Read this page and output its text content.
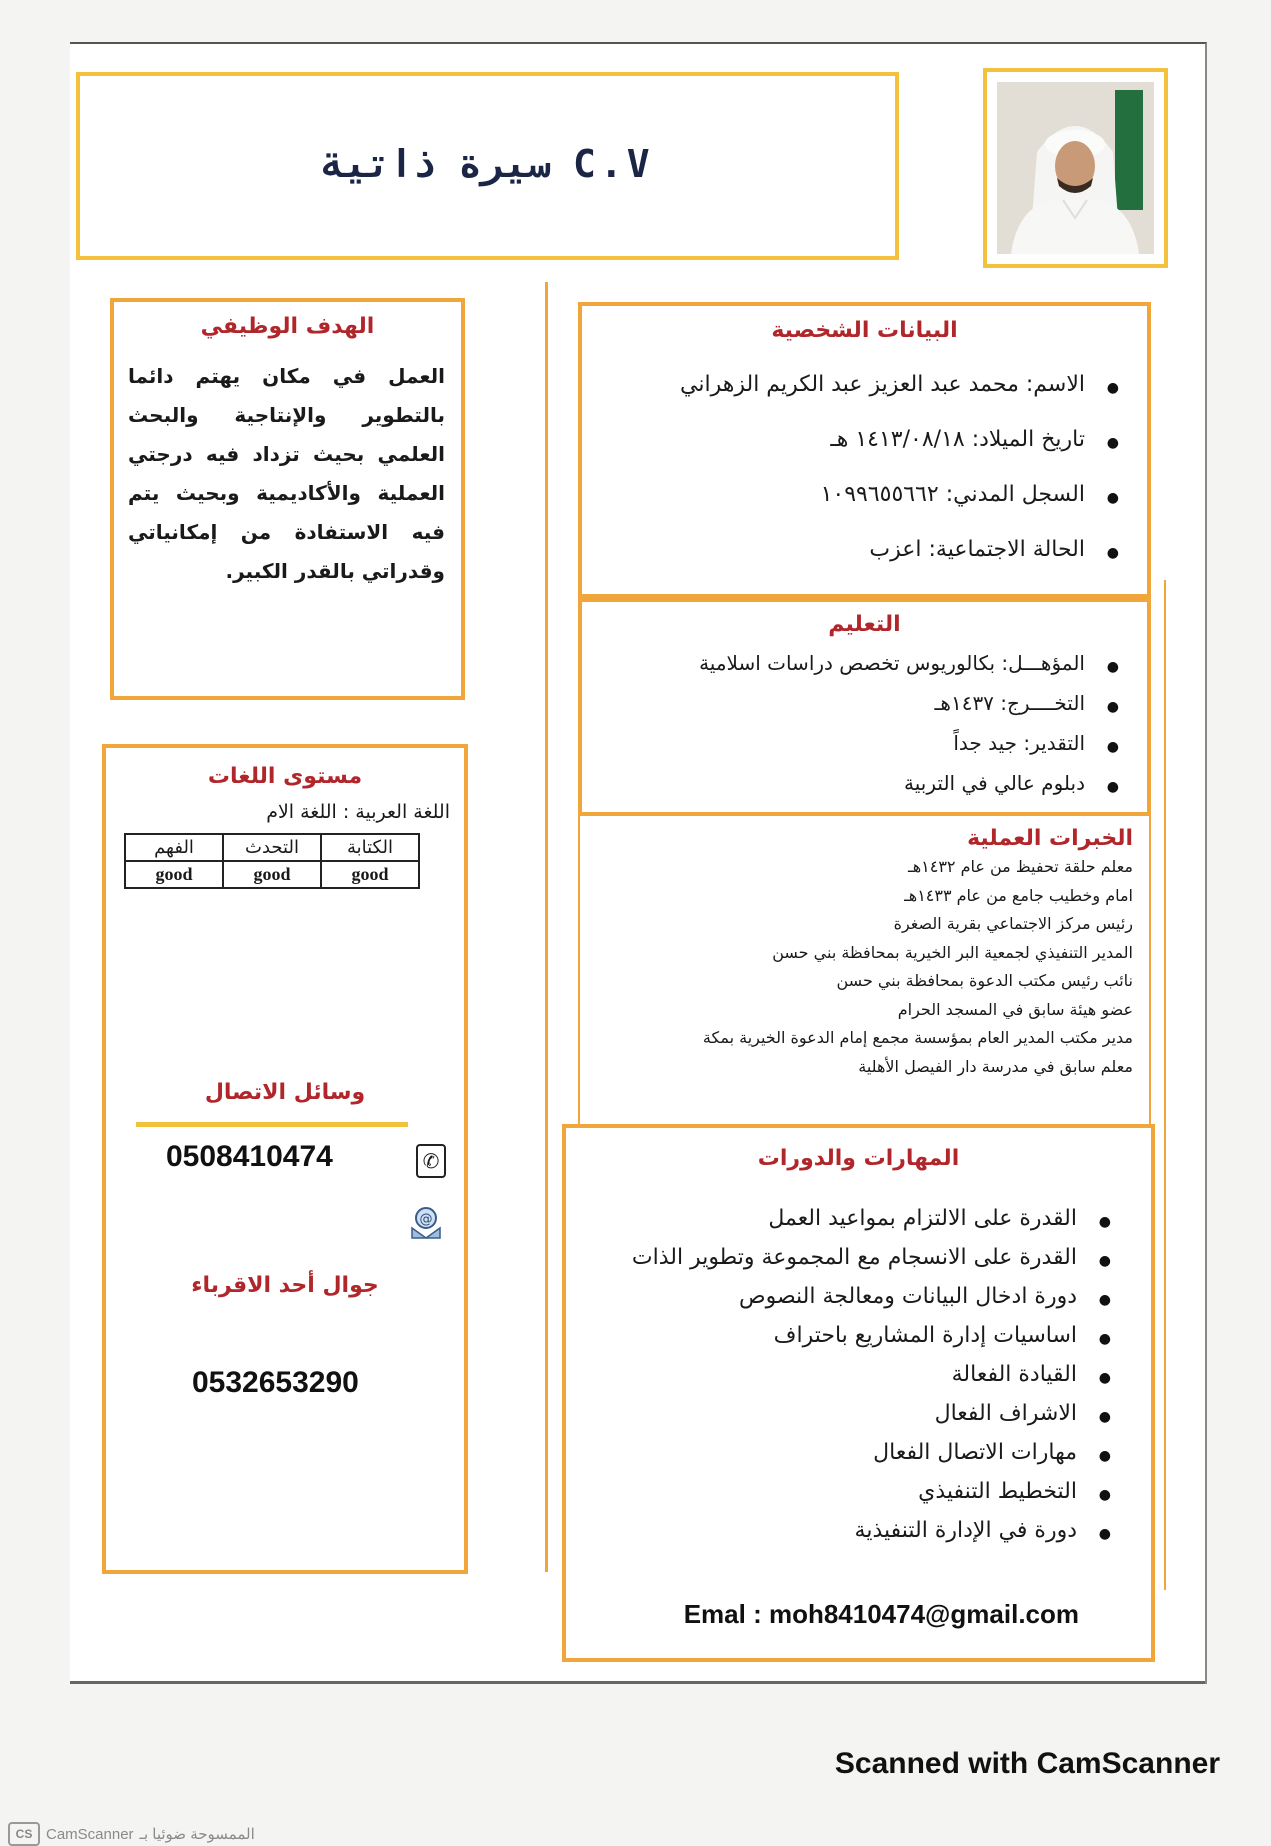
سيرة ذاتية C.V
البيانات الشخصية
● الاسم: محمد عبد العزيز عبد الكريم الزهراني
● تاريخ الميلاد: ١٤١٣/٠٨/١٨ هـ
● السجل المدني: ١٠٩٩٦٥٥٦٦٢
● الحالة الاجتماعية: اعزب
التعليم
● المؤهـــل: بكالوريوس تخصص دراسات اسلامية
● التخــــرج: ١٤٣٧هـ
● التقدير: جيد جداً
● دبلوم عالي في التربية
الخبرات العملية
معلم حلقة تحفيظ من عام ١٤٣٢هـ
امام وخطيب جامع من عام ١٤٣٣هـ
رئيس مركز الاجتماعي بقرية الصغرة
المدير التنفيذي لجمعية البر الخيرية بمحافظة بني حسن
نائب رئيس مكتب الدعوة بمحافظة بني حسن
عضو هيئة سابق في المسجد الحرام
مدير مكتب المدير العام بمؤسسة مجمع إمام الدعوة الخيرية بمكة
معلم سابق في مدرسة دار الفيصل الأهلية
المهارات والدورات
● القدرة على الالتزام بمواعيد العمل
● القدرة على الانسجام مع المجموعة وتطوير الذات
● دورة ادخال البيانات ومعالجة النصوص
● اساسيات إدارة المشاريع باحتراف
● القيادة الفعالة
● الاشراف الفعال
● مهارات الاتصال الفعال
● التخطيط التنفيذي
● دورة في الإدارة التنفيذية
Emal : moh8410474@gmail.com
الهدف الوظيفي
العمل في مكان يهتم دائما بالتطوير والإنتاجية والبحث العلمي بحيث تزداد فيه درجتي العملية والأكاديمية وبحيث يتم فيه الاستفادة من إمكانياتي وقدراتي بالقدر الكبير.
مستوى اللغات
اللغة العربية : اللغة الام
الكتابة	التحدث	الفهم
good	good	good
وسائل الاتصال
0508410474	✆
@
جوال أحد الاقرباء
0532653290
Scanned with CamScanner
CS CamScanner الممسوحة ضوئيا بـ
